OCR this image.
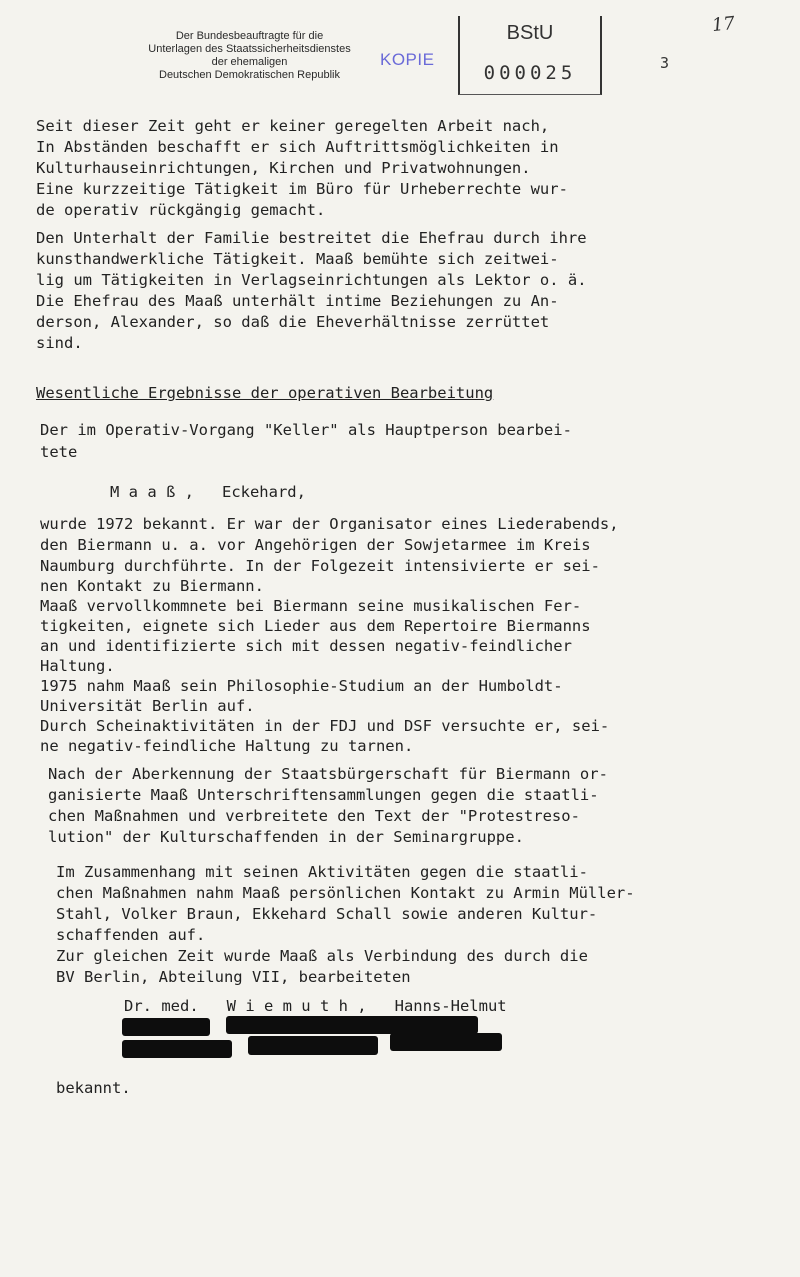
Der Bundesbeauftragte für die
Unterlagen des Staatssicherheitsdienstes
der ehemaligen
Deutschen Demokratischen Republik
KOPIE
BStU
000025	3
17
Seit dieser Zeit geht er keiner geregelten Arbeit nach,
In Abständen beschafft er sich Auftrittsmöglichkeiten in
Kulturhauseinrichtungen, Kirchen und Privatwohnungen.
Eine kurzzeitige Tätigkeit im Büro für Urheberrechte wur-
de operativ rückgängig gemacht.
Den Unterhalt der Familie bestreitet die Ehefrau durch ihre
kunsthandwerkliche Tätigkeit. Maaß bemühte sich zeitwei-
lig um Tätigkeiten in Verlagseinrichtungen als Lektor o. ä.
Die Ehefrau des Maaß unterhält intime Beziehungen zu An-
derson, Alexander, so daß die Eheverhältnisse zerrüttet
sind.
Wesentliche Ergebnisse der operativen Bearbeitung
Der im Operativ-Vorgang "Keller" als Hauptperson bearbei-
tete
M a a ß ,   Eckehard,
wurde 1972 bekannt. Er war der Organisator eines Liederabends,
den Biermann u. a. vor Angehörigen der Sowjetarmee im Kreis
Naumburg durchführte. In der Folgezeit intensivierte er sei-
nen Kontakt zu Biermann.
Maaß vervollkommnete bei Biermann seine musikalischen Fer-
tigkeiten, eignete sich Lieder aus dem Repertoire Biermanns
an und identifizierte sich mit dessen negativ-feindlicher
Haltung.
1975 nahm Maaß sein Philosophie-Studium an der Humboldt-
Universität Berlin auf.
Durch Scheinaktivitäten in der FDJ und DSF versuchte er, sei-
ne negativ-feindliche Haltung zu tarnen.
Nach der Aberkennung der Staatsbürgerschaft für Biermann or-
ganisierte Maaß Unterschriftensammlungen gegen die staatli-
chen Maßnahmen und verbreitete den Text der "Protestreso-
lution" der Kulturschaffenden in der Seminargruppe.
Im Zusammenhang mit seinen Aktivitäten gegen die staatli-
chen Maßnahmen nahm Maaß persönlichen Kontakt zu Armin Müller-
Stahl, Volker Braun, Ekkehard Schall sowie anderen Kultur-
schaffenden auf.
Zur gleichen Zeit wurde Maaß als Verbindung des durch die
BV Berlin, Abteilung VII, bearbeiteten
Dr. med.   W i e m u t h ,   Hanns-Helmut
bekannt.
